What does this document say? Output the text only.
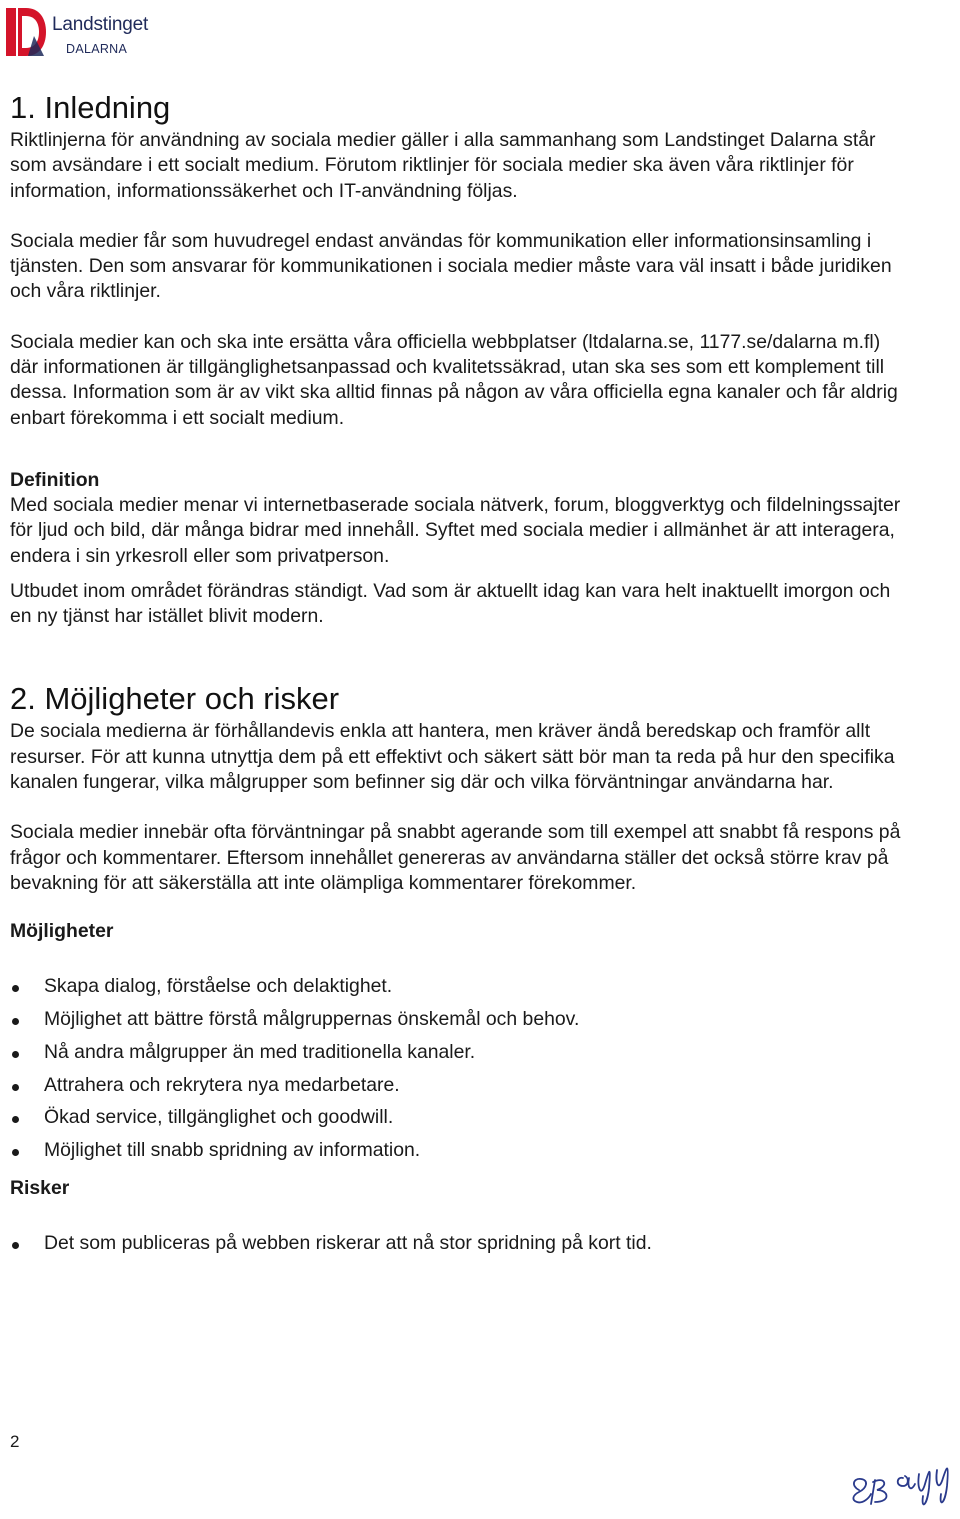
Landstinget
DALARNA
1. Inledning

Riktlinjerna för användning av sociala medier gäller i alla sammanhang som Landstinget Dalarna står som avsändare i ett socialt medium. Förutom riktlinjer för sociala medier ska även våra riktlinjer för information, informationssäkerhet och IT-användning följas.

Sociala medier får som huvudregel endast användas för kommunikation eller informationsinsamling i tjänsten. Den som ansvarar för kommunikationen i sociala medier måste vara väl insatt i både juridiken och våra riktlinjer.

Sociala medier kan och ska inte ersätta våra officiella webbplatser (ltdalarna.se, 1177.se/dalarna m.fl) där informationen är tillgänglighetsanpassad och kvalitetssäkrad, utan ska ses som ett komplement till dessa. Information som är av vikt ska alltid finnas på någon av våra officiella egna kanaler och får aldrig enbart förekomma i ett socialt medium.

Definition

Med sociala medier menar vi internetbaserade sociala nätverk, forum, bloggverktyg och fildelningssajter för ljud och bild, där många bidrar med innehåll. Syftet med sociala medier i allmänhet är att interagera, endera i sin yrkesroll eller som privatperson.

Utbudet inom området förändras ständigt. Vad som är aktuellt idag kan vara helt inaktuellt imorgon och en ny tjänst har istället blivit modern.

2. Möjligheter och risker

De sociala medierna är förhållandevis enkla att hantera, men kräver ändå beredskap och framför allt resurser. För att kunna utnyttja dem på ett effektivt och säkert sätt bör man ta reda på hur den specifika kanalen fungerar, vilka målgrupper som befinner sig där och vilka förväntningar användarna har.

Sociala medier innebär ofta förväntningar på snabbt agerande som till exempel att snabbt få respons på frågor och kommentarer. Eftersom innehållet genereras av användarna ställer det också större krav på bevakning för att säkerställa att inte olämpliga kommentarer förekommer.

Möjligheter
Skapa dialog, förståelse och delaktighet.
Möjlighet att bättre förstå målgruppernas önskemål och behov.
Nå andra målgrupper än med traditionella kanaler.
Attrahera och rekrytera nya medarbetare.
Ökad service, tillgänglighet och goodwill.
Möjlighet till snabb spridning av information.
Risker
Det som publiceras på webben riskerar att nå stor spridning på kort tid.
2
